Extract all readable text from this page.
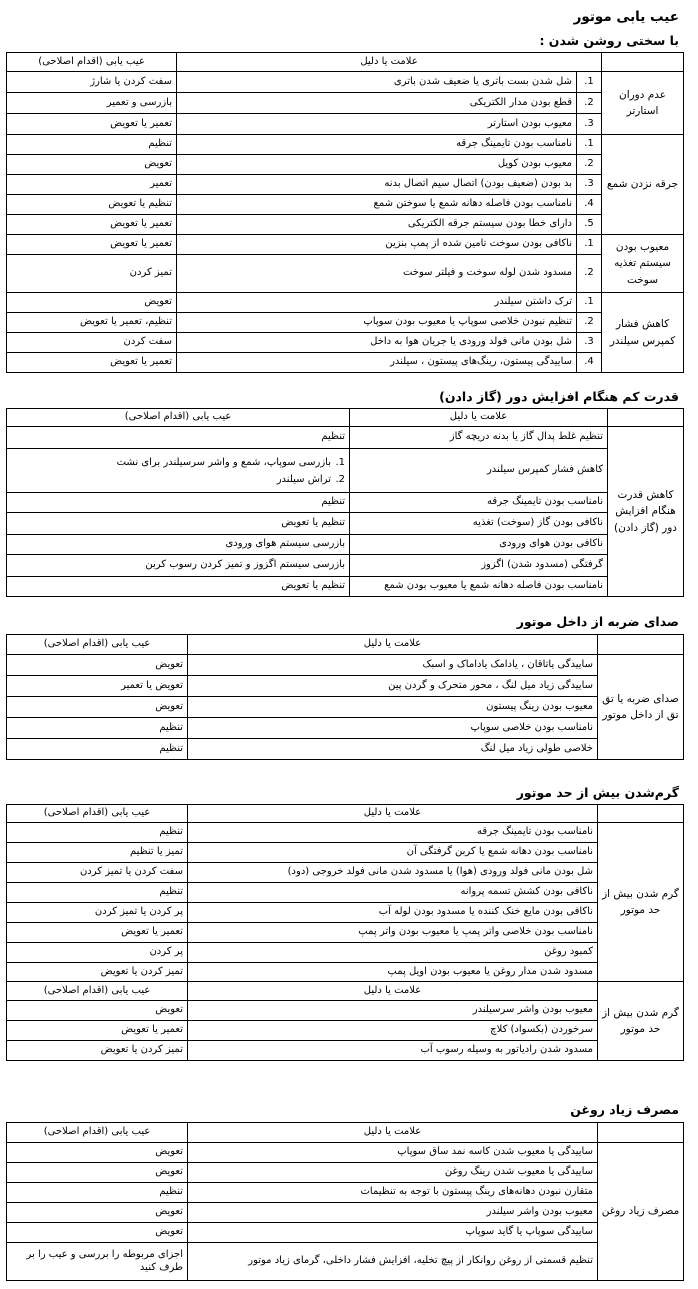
عیب یابی موتور
با سختی روشن شدن :
	علامت یا دلیل		عیب یابی (اقدام اصلاحی)
عدم دوران استارتر	1.	شل شدن بست باتری یا ضعیف شدن باتری	سفت کردن یا شارژ
	2.	قطع بودن مدار الکتریکی	بازرسی و تعمیر
	3.	معیوب بودن استارتر	تعمیر یا تعویض
جرقه نزدن شمع	1.	نامناسب بودن تایمینگ جرقه	تنظیم
	2.	معیوب بودن کویل	تعویض
	3.	بد بودن (ضعیف بودن) اتصال سیم اتصال بدنه	تعمیر
	4.	نامناسب بودن فاصله دهانه شمع یا سوختن شمع	تنظیم یا تعویض
	5.	دارای خطا بودن سیستم جرقه الکتریکی	تعمیر یا تعویض
معیوب بودن سیستم تغذیه سوخت	1.	ناکافی بودن سوخت تامین شده از پمپ بنزین	تعمیر یا تعویض
	2.	مسدود شدن لوله سوخت و فیلتر سوخت	تمیز کردن
کاهش فشار کمپرس سیلندر	1.	ترک داشتن سیلندر	تعویض
	2.	تنظیم نبودن خلاصی سوپاپ یا معیوب بودن سوپاپ	تنظیم، تعمیر یا تعویض
	3.	شل بودن مانی فولد ورودی یا جریان هوا به داخل	سفت کردن
	4.	ساییدگی پیستون، رینگ‌های پیستون ، سیلندر	تعمیر یا تعویض
قدرت کم هنگام افزایش دور (گاز دادن)
	علامت یا دلیل	عیب یابی (اقدام اصلاحی)
کاهش قدرت هنگام افزایش دور (گاز دادن)	تنظیم غلط پدال گاز یا بدنه دریچه گاز	تنظیم
	کاهش فشار کمپرس سیلندر	1.بازرسی سوپاپ، شمع و واشر سرسیلندر برای نشت
2.تراش سیلندر

	نامناسب بودن تایمینگ جرقه	تنظیم
	ناکافی بودن گاز (سوخت) تغذیه	تنظیم یا تعویض
	ناکافی بودن هوای ورودی	بازرسی سیستم هوای ورودی
	گرفتگی (مسدود شدن) اگزوز	بازرسی سیستم اگزوز و تمیز کردن رسوب کربن
	نامناسب بودن فاصله دهانه شمع یا معیوب بودن شمع	تنظیم یا تعویض
صدای ضربه از داخل موتور
	علامت یا دلیل	عیب یابی (اقدام اصلاحی)
صدای ضربه یا تق تق از داخل موتور	ساییدگی یاتاقان ، یادامک یاداماک و اسبک	تعویض
	ساییدگی زیاد میل لنگ ، محور متحرک و گردن پین	تعویض یا تعمیر
	معیوب بودن رینگ پیستون	تعویض
	نامناسب بودن خلاصی سوپاپ	تنظیم
	خلاصی طولی زیاد میل لنگ	تنظیم
گرم‌شدن بیش از حد موتور
	علامت یا دلیل	عیب یابی (اقدام اصلاحی)
گرم شدن بیش از حد موتور	نامناسب بودن تایمینگ جرقه	تنظیم
	نامناسب بودن دهانه شمع یا کربن گرفتگی آن	تمیز یا تنظیم
	شل بودن مانی فولد ورودی (هوا) یا مسدود شدن مانی فولد خروجی (دود)	سفت کردن یا تمیز کردن
	ناکافی بودن کشش تسمه پروانه	تنظیم
	ناکافی بودن مایع خنک کننده یا مسدود بودن لوله آب	پر کردن یا تمیز کردن
	نامناسب بودن خلاصی واتر پمپ یا معیوب بودن واتر پمپ	تعمیر یا تعویض
	کمبود روغن	پر کردن
	مسدود شدن مدار روغن یا معیوب بودن اویل پمپ	تمیز کردن یا تعویض
گرم شدن بیش از حد موتور	علامت یا دلیل	عیب یابی (اقدام اصلاحی)
	معیوب بودن واشر سرسیلندر	تعویض
	سرخوردن (بکسواد) کلاچ	تعمیر یا تعویض
	مسدود شدن رادیاتور به وسیله رسوب آب	تمیز کردن یا تعویض
مصرف زیاد روغن
	علامت یا دلیل	عیب یابی (اقدام اصلاحی)
مصرف زیاد روغن	ساییدگی یا معیوب شدن کاسه نمد ساق سوپاپ	تعویض
	ساییدگی یا معیوب شدن رینگ روغن	تعویض
	متقارن نبودن دهانه‌های رینگ پیستون با توجه به تنظیمات	تنظیم
	معیوب بودن واشر سیلندر	تعویض
	ساییدگی سوپاپ یا گاید سوپاپ	تعویض
	تنظیم قسمتی از روغن روانکار از پیچ تخلیه، افزایش فشار داخلی، گرمای زیاد موتور	اجزای مربوطه را بررسی و عیب را بر طرف کنید
